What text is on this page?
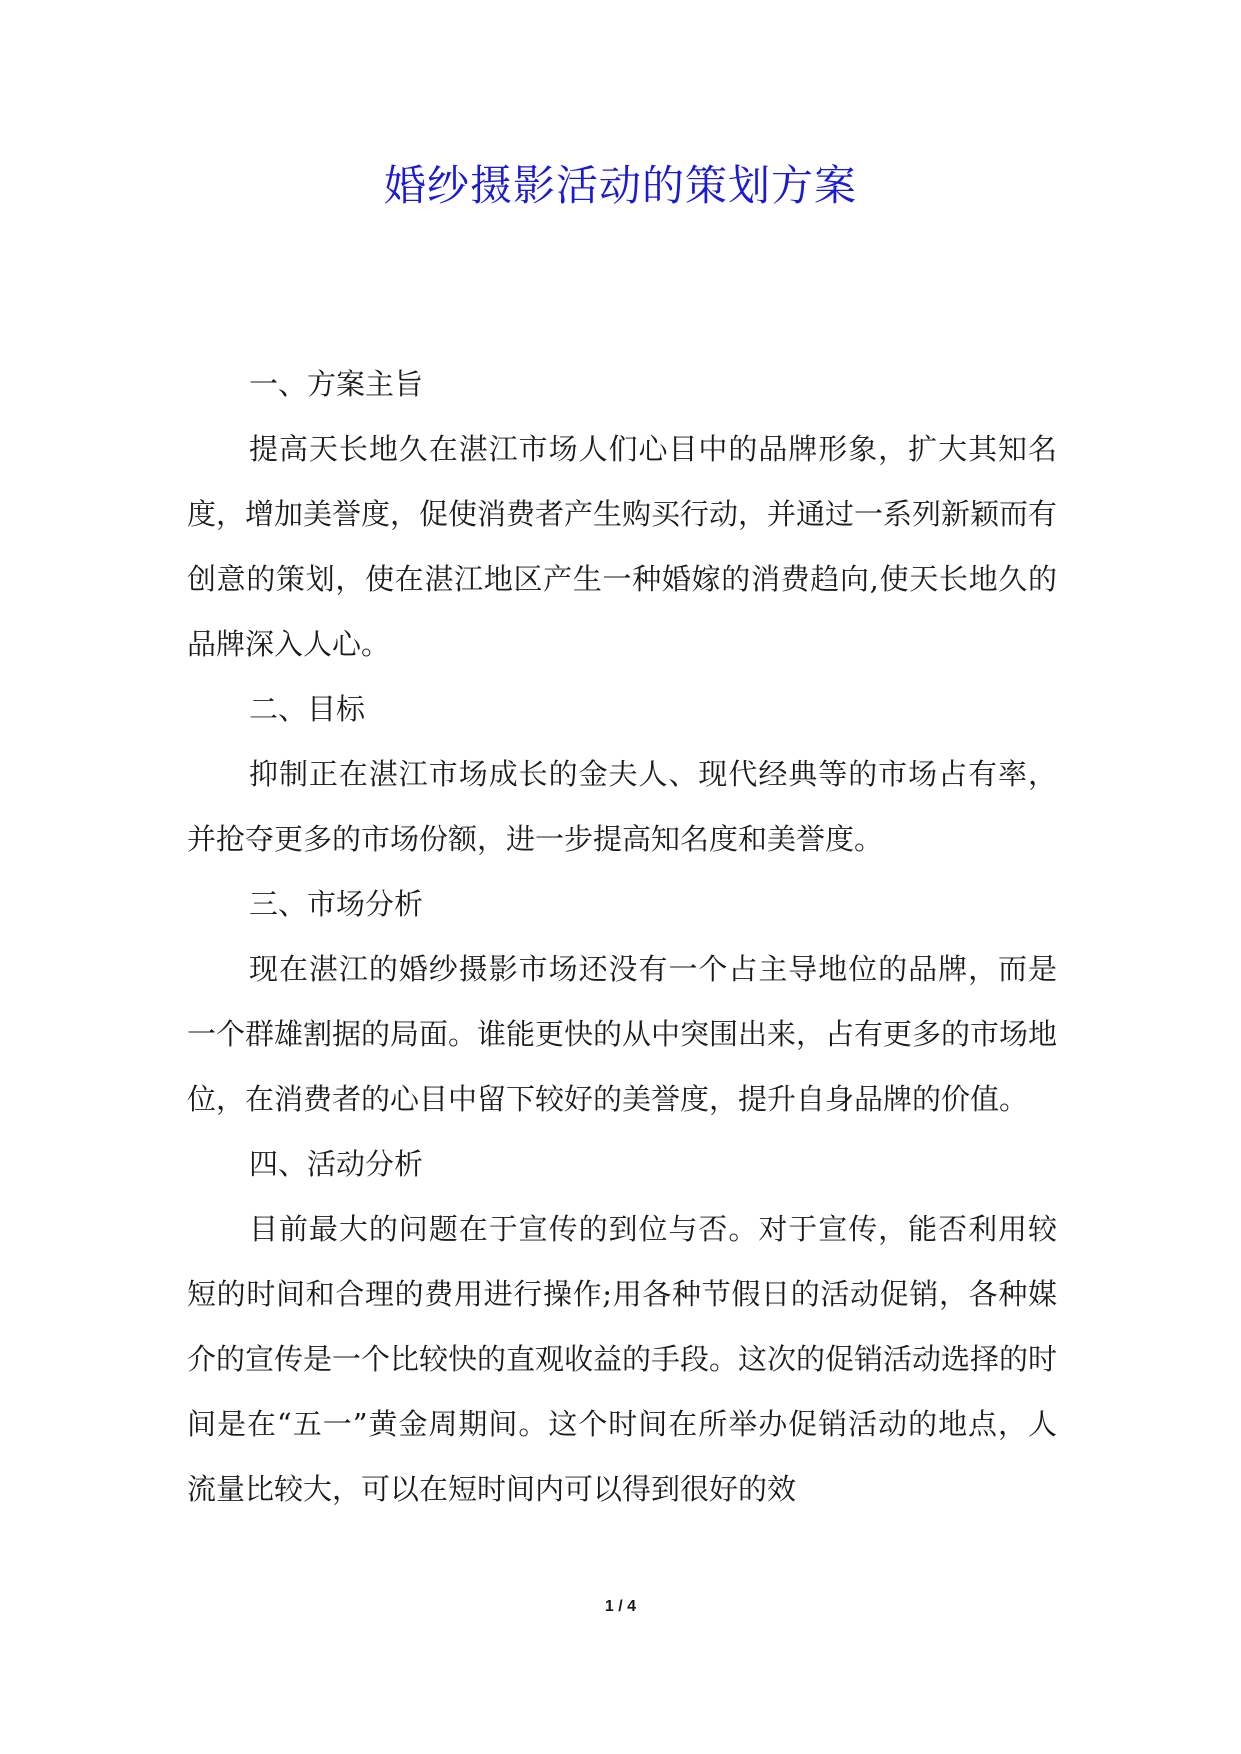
婚纱摄影活动的策划方案

一、方案主旨

提高天长地久在湛江市场人们心目中的品牌形象，扩大其知名度，增加美誉度，促使消费者产生购买行动，并通过一系列新颖而有创意的策划，使在湛江地区产生一种婚嫁的消费趋向,使天长地久的品牌深入人心。

二、目标

抑制正在湛江市场成长的金夫人、现代经典等的市场占有率，并抢夺更多的市场份额，进一步提高知名度和美誉度。

三、市场分析

现在湛江的婚纱摄影市场还没有一个占主导地位的品牌，而是一个群雄割据的局面。谁能更快的从中突围出来，占有更多的市场地位，在消费者的心目中留下较好的美誉度，提升自身品牌的价值。

四、活动分析

目前最大的问题在于宣传的到位与否。对于宣传，能否利用较短的时间和合理的费用进行操作;用各种节假日的活动促销，各种媒介的宣传是一个比较快的直观收益的手段。这次的促销活动选择的时间是在“五一”黄金周期间。这个时间在所举办促销活动的地点，人流量比较大，可以在短时间内可以得到很好的效

1 / 4
